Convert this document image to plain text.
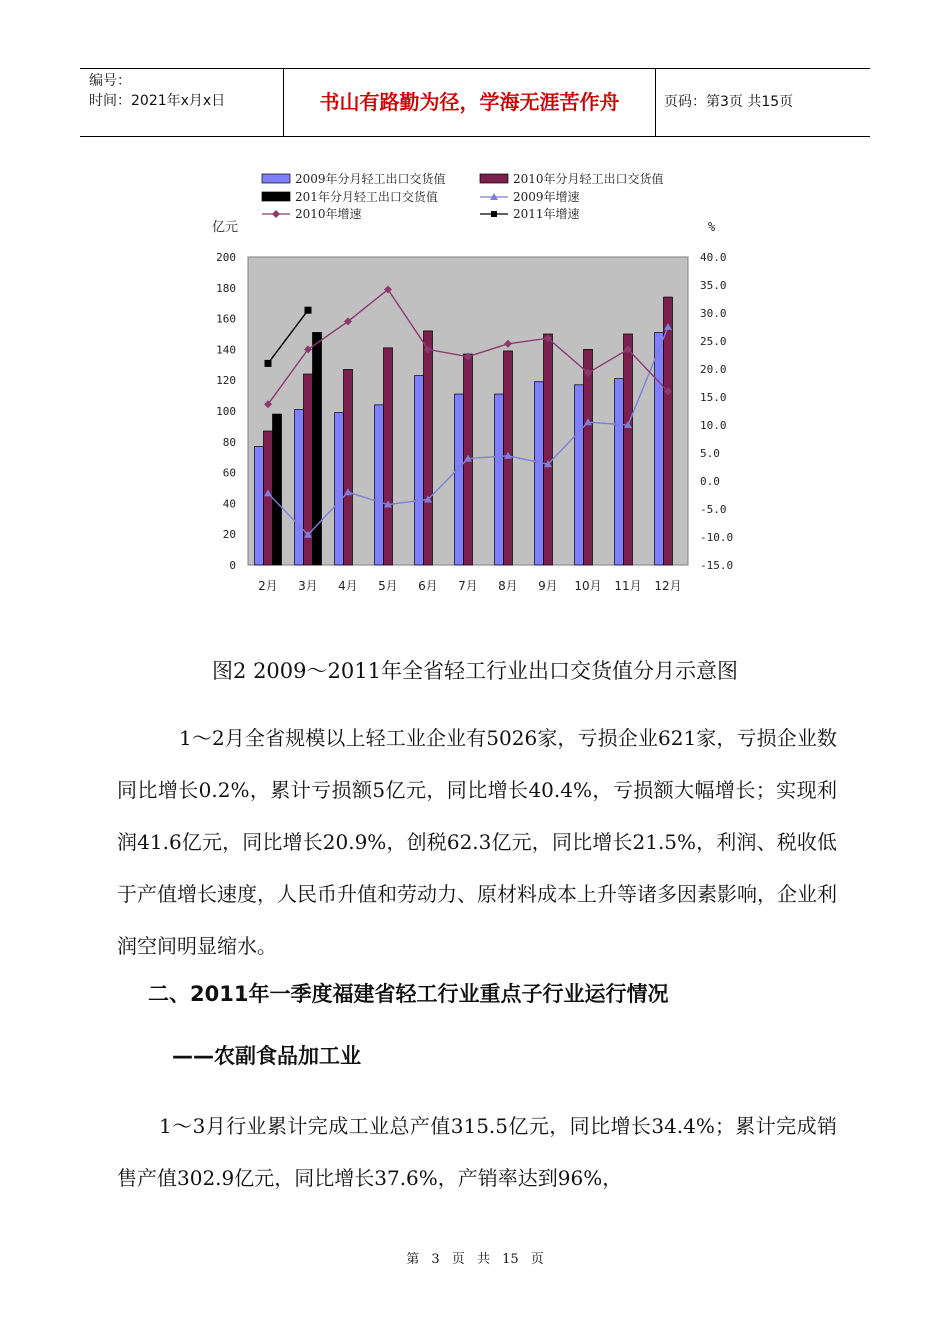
编号：
时间：2021年x月x日	书山有路勤为径，学海无涯苦作舟	页码：第3页 共15页
0
20
40
60
80
100
120
140
160
180
200
-15.0
-10.0
-5.0
0.0
5.0
10.0
15.0
20.0
25.0
30.0
35.0
40.0
亿元	%
2月 3月 4月 5月 6月 7月 8月 9月 10月 11月 12月
2009年分月轻工出口交货值	2010年分月轻工出口交货值
201年分月轻工出口交货值	2009年增速
2010年增速	2011年增速
图2 2009～2011年全省轻工行业出口交货值分月示意图
1～2月全省规模以上轻工业企业有5026家，亏损企业621家，亏损企业数同比增长0.2%，累计亏损额5亿元，同比增长40.4%，亏损额大幅增长；实现利润41.6亿元，同比增长20.9%，创税62.3亿元，同比增长21.5%，利润、税收低于产值增长速度，人民币升值和劳动力、原材料成本上升等诸多因素影响，企业利润空间明显缩水。
二、2011年一季度福建省轻工行业重点子行业运行情况
——农副食品加工业
1～3月行业累计完成工业总产值315.5亿元，同比增长34.4%；累计完成销售产值302.9亿元，同比增长37.6%，产销率达到96%，
第 3 页 共 15 页
